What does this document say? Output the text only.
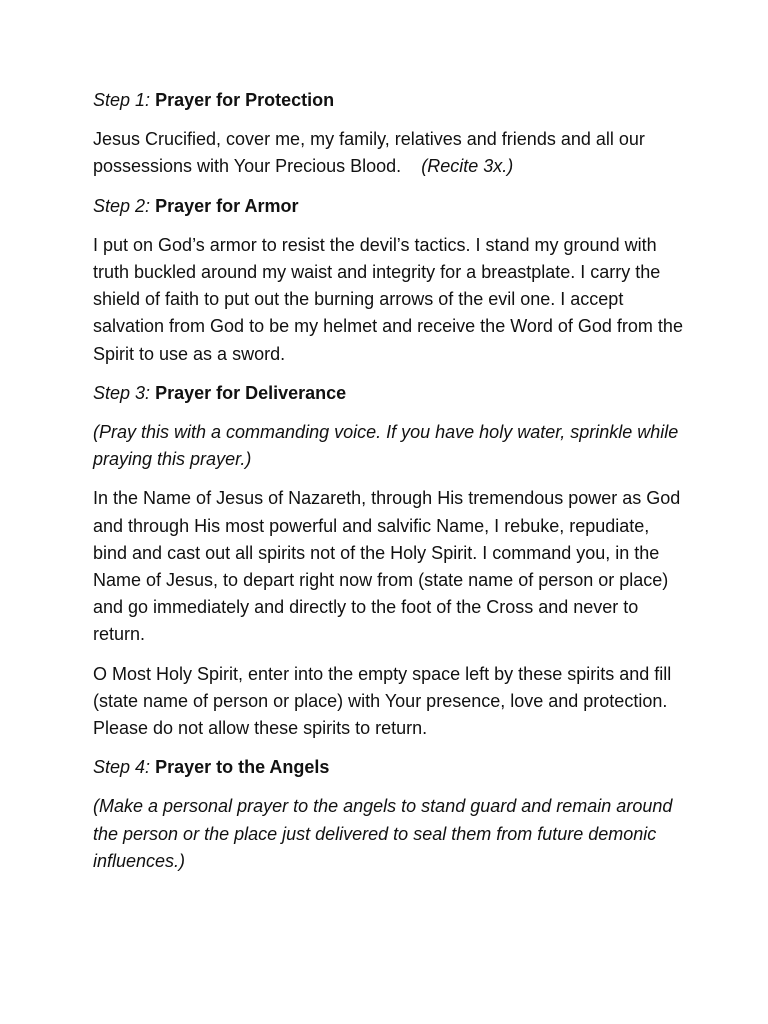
Step 1: Prayer for Protection

Jesus Crucified, cover me, my family, relatives and friends and all our possessions with Your Precious Blood. (Recite 3x.)

Step 2: Prayer for Armor

I put on God’s armor to resist the devil’s tactics. I stand my ground with truth buckled around my waist and integrity for a breastplate. I carry the shield of faith to put out the burning arrows of the evil one. I accept salvation from God to be my helmet and receive the Word of God from the Spirit to use as a sword.

Step 3: Prayer for Deliverance

(Pray this with a commanding voice. If you have holy water, sprinkle while praying this prayer.)

In the Name of Jesus of Nazareth, through His tremendous power as God and through His most powerful and salvific Name, I rebuke, repudiate, bind and cast out all spirits not of the Holy Spirit. I command you, in the Name of Jesus, to depart right now from (state name of person or place) and go immediately and directly to the foot of the Cross and never to return.

O Most Holy Spirit, enter into the empty space left by these spirits and fill (state name of person or place) with Your presence, love and protection. Please do not allow these spirits to return.

Step 4: Prayer to the Angels

(Make a personal prayer to the angels to stand guard and remain around the person or the place just delivered to seal them from future demonic influences.)
